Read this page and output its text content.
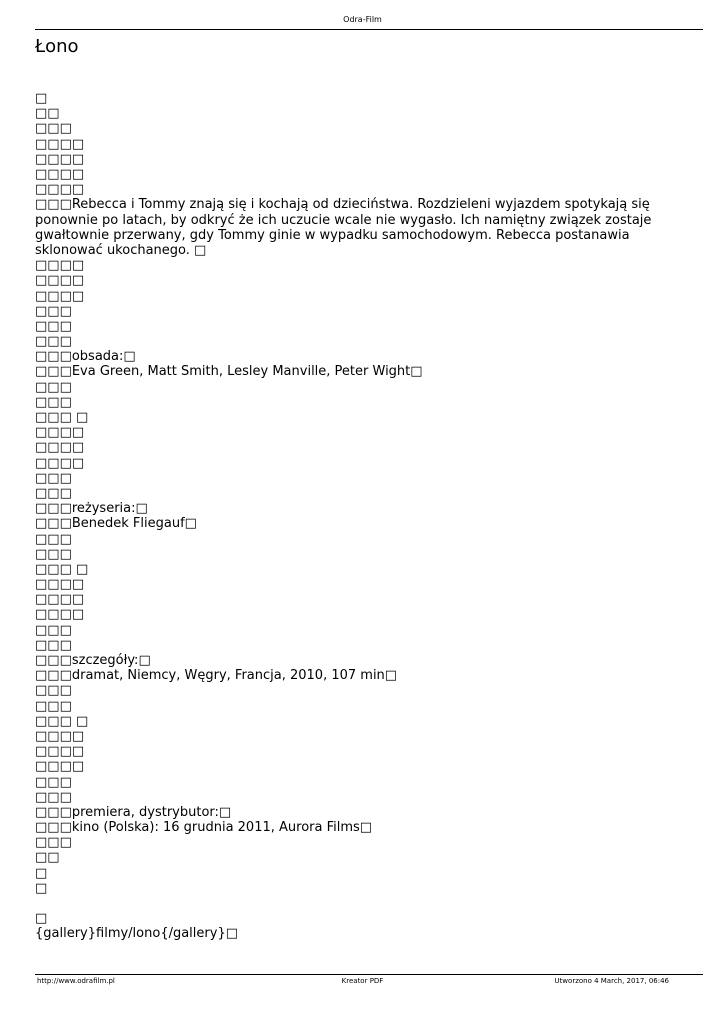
Odra-Film
Łono
□
□□
□□□
□□□□
□□□□
□□□□
□□□□
□□□Rebecca i Tommy znają się i kochają od dzieciństwa. Rozdzieleni wyjazdem spotykają się ponownie po latach, by odkryć że ich uczucie wcale nie wygasło. Ich namiętny związek zostaje gwałtownie przerwany, gdy Tommy ginie w wypadku samochodowym. Rebecca postanawia sklonować ukochanego. □
□□□□
□□□□
□□□□
□□□
□□□
□□□
□□□obsada:□
□□□Eva Green, Matt Smith, Lesley Manville, Peter Wight□
□□□
□□□
□□□ □
□□□□
□□□□
□□□□
□□□
□□□
□□□reżyseria:□
□□□Benedek Fliegauf□
□□□
□□□
□□□ □
□□□□
□□□□
□□□□
□□□
□□□
□□□szczegóły:□
□□□dramat, Niemcy, Węgry, Francja, 2010, 107 min□
□□□
□□□
□□□ □
□□□□
□□□□
□□□□
□□□
□□□
□□□premiera, dystrybutor:□
□□□kino (Polska): 16 grudnia 2011, Aurora Films□
□□□
□□
□
□
□
{gallery}filmy/lono{/gallery}□
http://www.odrafilm.pl	Kreator PDF	Utworzono 4 March, 2017, 06:46
